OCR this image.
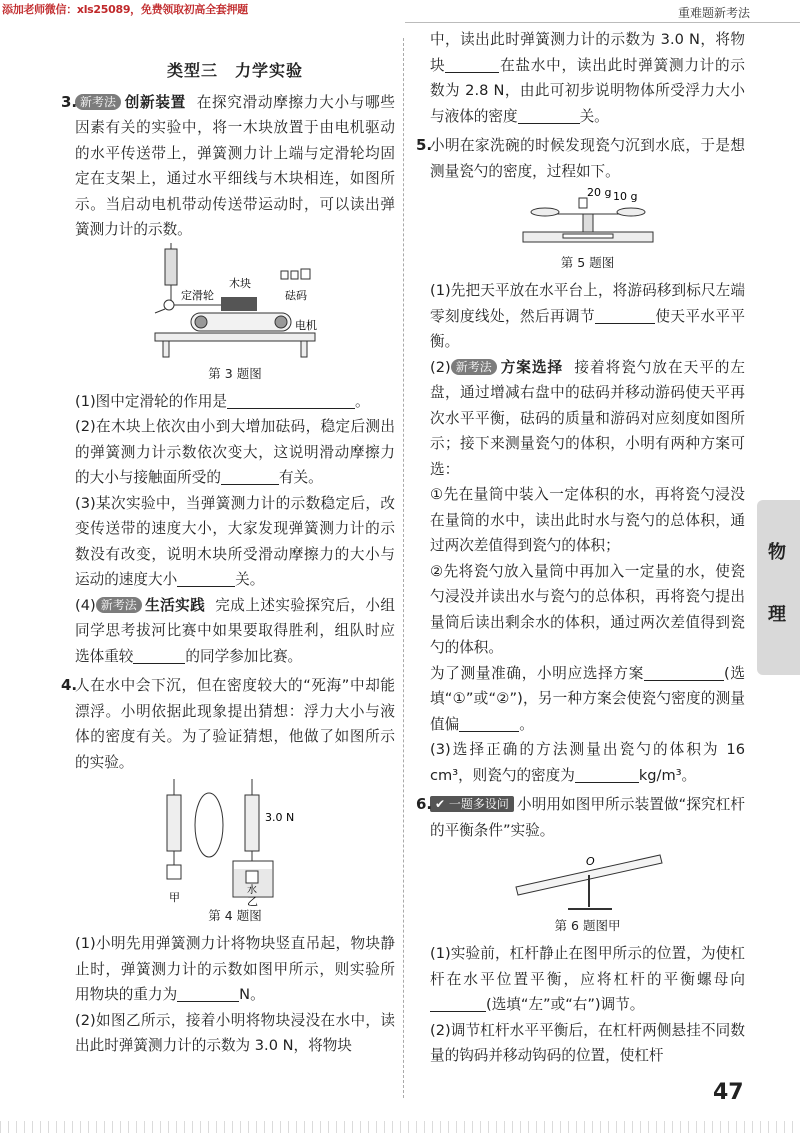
添加老师微信：xls25089，免费领取初高全套押题	重难题新考法
类型三　力学实验
3. 新考法 创新装置 在探究滑动摩擦力大小与哪些因素有关的实验中，将一木块放置于由电机驱动的水平传送带上，弹簧测力计上端与定滑轮均固定在支架上，通过水平细线与木块相连，如图所示。当启动电机带动传送带运动时，可以读出弹簧测力计的示数。

定滑轮
木块
砝码
电机
第 3 题图

(1)图中定滑轮的作用是	。

(2)在木块上依次由小到大增加砝码，稳定后测出的弹簧测力计示数依次变大，这说明滑动摩擦力的大小与接触面所受的	有关。

(3)某次实验中，当弹簧测力计的示数稳定后，改变传送带的速度大小，大家发现弹簧测力计的示数没有改变，说明木块所受滑动摩擦力的大小与运动的速度大小	关。

(4) 新考法 生活实践 完成上述实验探究后，小组同学思考拔河比赛中如果要取得胜利，组队时应选体重较	的同学参加比赛。

4.

人在水中会下沉，但在密度较大的“死海”中却能漂浮。小明依据此现象提出猜想：浮力大小与液体的密度有关。为了验证猜想，他做了如图所示的实验。

3.0 N
水
甲	乙
第 4 题图

(1)小明先用弹簧测力计将物块竖直吊起，物块静止时，弹簧测力计的示数如图甲所示，则实验所用物块的重力为	N。

(2)如图乙所示，接着小明将物块浸没在水中，读出此时弹簧测力计的示数为 3.0 N，将物块

中，读出此时弹簧测力计的示数为 3.0 N，将物块	在盐水中，读出此时弹簧测力计的示数为 2.8 N，由此可初步说明物体所受浮力大小与液体的密度	关。

5.

小明在家洗碗的时候发现瓷勺沉到水底，于是想测量瓷勺的密度，过程如下。

20 g 10 g
第 5 题图

(1)先把天平放在水平台上，将游码移到标尺左端零刻度线处，然后再调节	使天平水平平衡。

(2) 新考法 方案选择 接着将瓷勺放在天平的左盘，通过增减右盘中的砝码并移动游码使天平再次水平平衡，砝码的质量和游码对应刻度如图所示；接下来测量瓷勺的体积，小明有两种方案可选：

①先在量筒中装入一定体积的水，再将瓷勺浸没在量筒的水中，读出此时水与瓷勺的总体积，通过两次差值得到瓷勺的体积；

②先将瓷勺放入量筒中再加入一定量的水，使瓷勺浸没并读出水与瓷勺的总体积，再将瓷勺提出量筒后读出剩余水的体积，通过两次差值得到瓷勺的体积。

为了测量准确，小明应选择方案	(选填“①”或“②”)，另一种方案会使瓷勺密度的测量值偏	。

(3)选择正确的方法测量出瓷勺的体积为 16 cm³，则瓷勺的密度为	kg/m³。

6. ✔ 一题多设问 小明用如图甲所示装置做“探究杠杆的平衡条件”实验。

O
第 6 题图甲

(1)实验前，杠杆静止在图甲所示的位置，为使杠杆在水平位置平衡，应将杠杆的平衡螺母向(选填“左”或“右”)调节。

(2)调节杠杆水平平衡后，在杠杆两侧悬挂不同数量的钩码并移动钩码的位置，使杠杆

物
理
47
